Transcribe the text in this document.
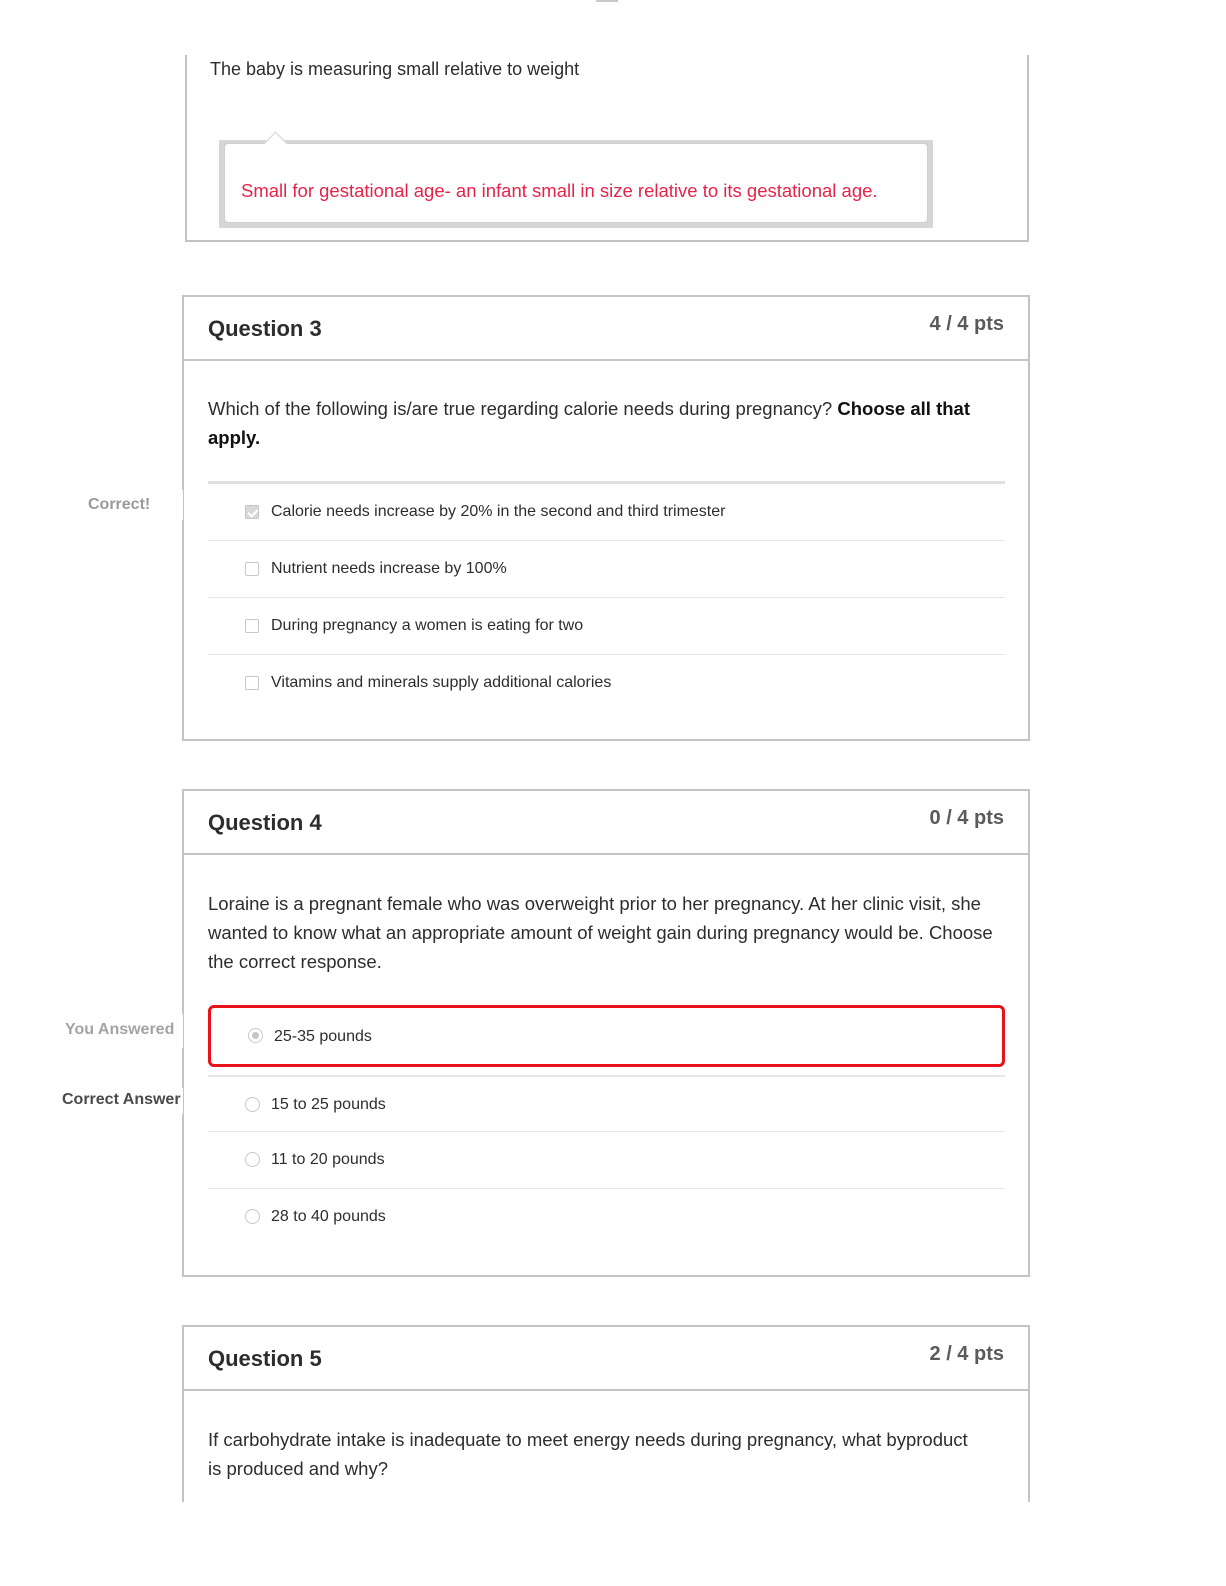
The baby is measuring small relative to weight
Small for gestational age- an infant small in size relative to its gestational age.
Question 3	4 / 4 pts
Which of the following is/are true regarding calorie needs during pregnancy? Choose all that apply.
Calorie needs increase by 20% in the second and third trimester
Nutrient needs increase by 100%
During pregnancy a women is eating for two
Vitamins and minerals supply additional calories
Correct!
Question 4	0 / 4 pts
Loraine is a pregnant female who was overweight prior to her pregnancy. At her clinic visit, she wanted to know what an appropriate amount of weight gain during pregnancy would be. Choose the correct response.
25-35 pounds
15 to 25 pounds
11 to 20 pounds
28 to 40 pounds
You Answered
Correct Answer
Question 5	2 / 4 pts
If carbohydrate intake is inadequate to meet energy needs during pregnancy, what byproduct is produced and why?
